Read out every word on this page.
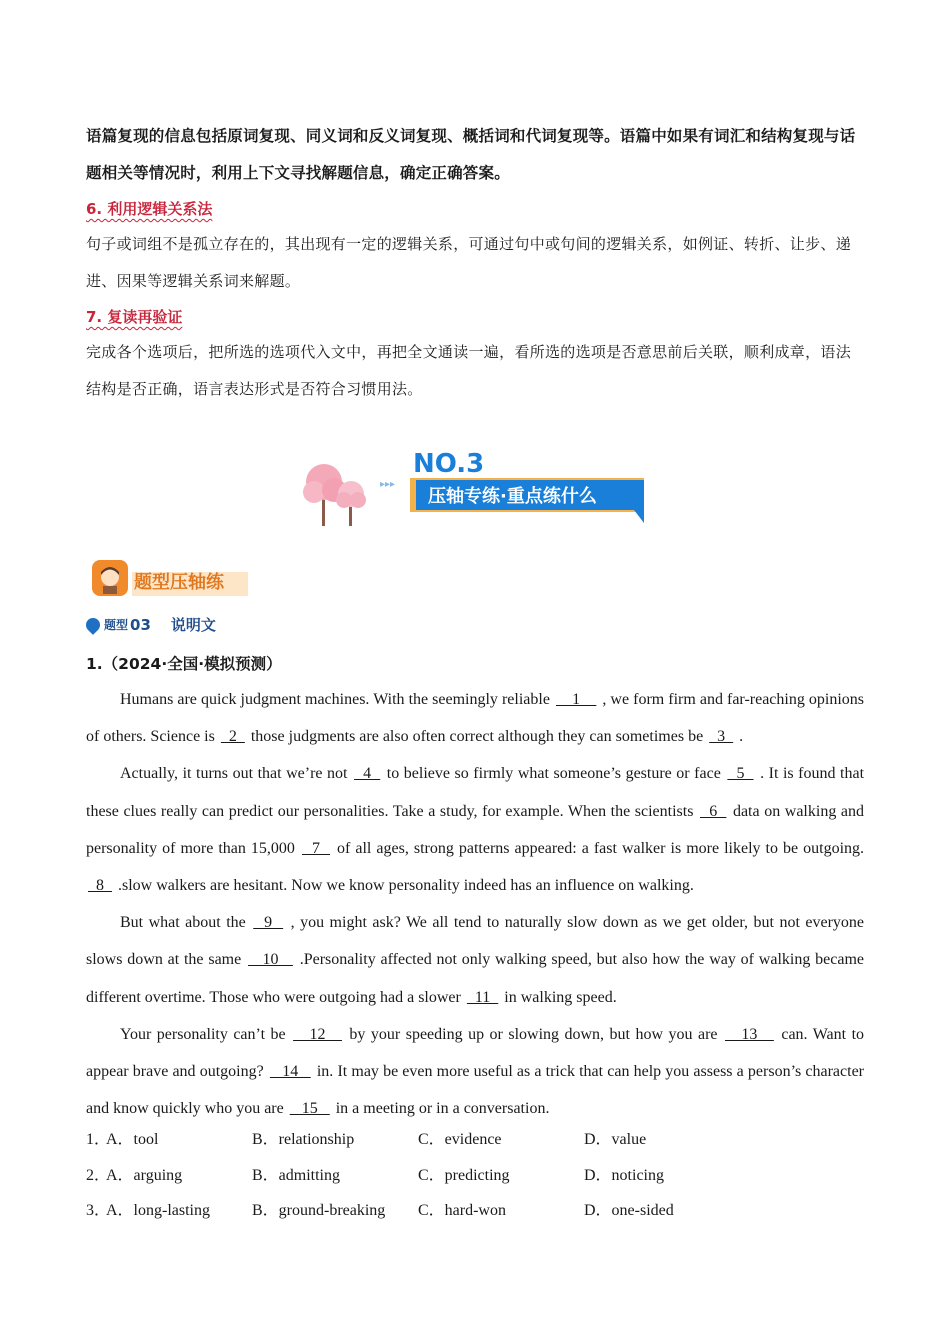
语篇复现的信息包括原词复现、同义词和反义词复现、概括词和代词复现等。语篇中如果有词汇和结构复现与话题相关等情况时，利用上下文寻找解题信息，确定正确答案。

6. 利用逻辑关系法

句子或词组不是孤立存在的，其出现有一定的逻辑关系，可通过句中或句间的逻辑关系，如例证、转折、让步、递进、因果等逻辑关系词来解题。

7. 复读再验证

完成各个选项后，把所选的选项代入文中，再把全文通读一遍，看所选的选项是否意思前后关联，顺利成章，语法结构是否正确，语言表达形式是否符合习惯用法。

▸▸▸
NO.3
压轴专练·重点练什么
题型压轴练
题型 03 说明文
1.（2024·全国·模拟预测）

Humans are quick judgment machines. With the seemingly reliable     1     , we form firm and far-reaching opinions of others. Science is   2   those judgments are also often correct although they can sometimes be   3   .

Actually, it turns out that we’re not   4   to believe so firmly what someone’s gesture or face   5   . It is found that these clues really can predict our personalities. Take a study, for example. When the scientists   6   data on walking and personality of more than 15,000   7   of all ages, strong patterns appeared: a fast walker is more likely to be outgoing.   8   .slow walkers are hesitant. Now we know personality indeed has an influence on walking.

But what about the   9   , you might ask? We all tend to naturally slow down as we get older, but not everyone slows down at the same    10    .Personality affected not only walking speed, but also how the way of walking became different overtime. Those who were outgoing had a slower   11   in walking speed.

Your personality can’t be    12    by your speeding up or slowing down, but how you are    13    can. Want to appear brave and outgoing?    14    in. It may be even more useful as a trick that can help you assess a person’s character and know quickly who you are    15    in a meeting or in a conversation.

1．
A．tool	B．relationship	C．evidence	D．value
2．
A．arguing	B．admitting	C．predicting	D．noticing
3．
A．long-lasting	B．ground-breaking	C．hard-won	D．one-sided
